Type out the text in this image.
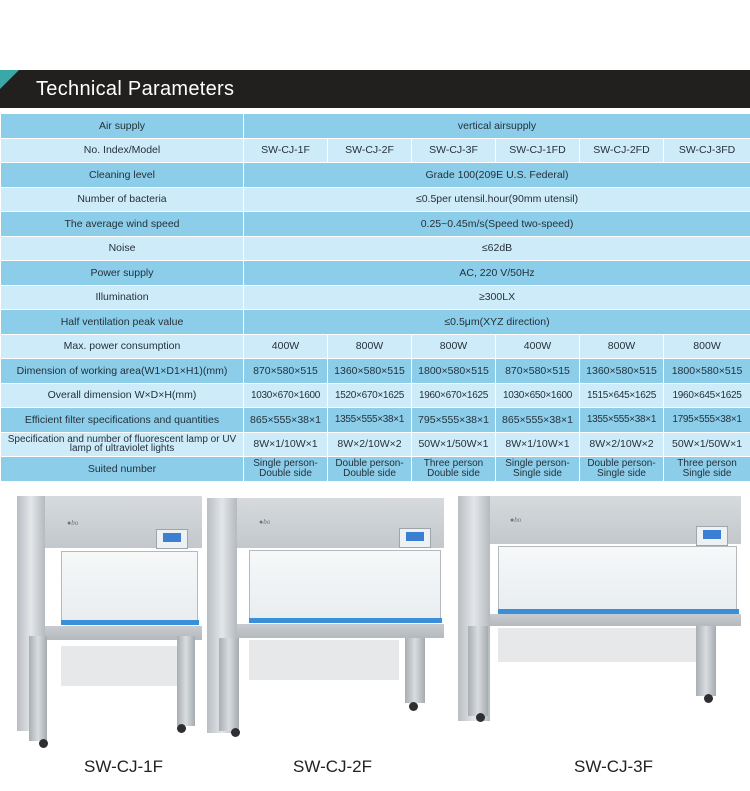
Technical Parameters
Air supply	vertical airsupply					
No. Index/Model	SW-CJ-1F	SW-CJ-2F	SW-CJ-3F	SW-CJ-1FD	SW-CJ-2FD	SW-CJ-3FD
Cleaning level	Grade 100(209E U.S. Federal)					
Number of bacteria	≤0.5per utensil.hour(90mm utensil)					
The average wind speed	0.25~0.45m/s(Speed two-speed)					
Noise	≤62dB					
Power supply	AC, 220 V/50Hz					
Illumination	≥300LX					
Half ventilation peak value	≤0.5μm(XYZ direction)					
Max. power consumption	400W	800W	800W	400W	800W	800W
Dimension of working area(W1×D1×H1)(mm)	870×580×515	1360×580×515	1800×580×515	870×580×515	1360×580×515	1800×580×515
Overall dimension W×D×H(mm)	1030×670×1600	1520×670×1625	1960×670×1625	1030×650×1600	1515×645×1625	1960×645×1625
Efficient filter specifications and quantities	865×555×38×1	1355×555×38×1	795×555×38×1	865×555×38×1	1355×555×38×1	1795×555×38×1
Specification and number of fluorescent lamp or UV lamp of ultraviolet lights	8W×1/10W×1	8W×2/10W×2	50W×1/50W×1	8W×1/10W×1	8W×2/10W×2	50W×1/50W×1
Suited number	Single person-Double side	Double person-Double side	Three person Double side	Single person-Single side	Double person-Single side	Three person Single side
●bo	●bo	●bo
SW-CJ-1F	SW-CJ-2F	SW-CJ-3F
